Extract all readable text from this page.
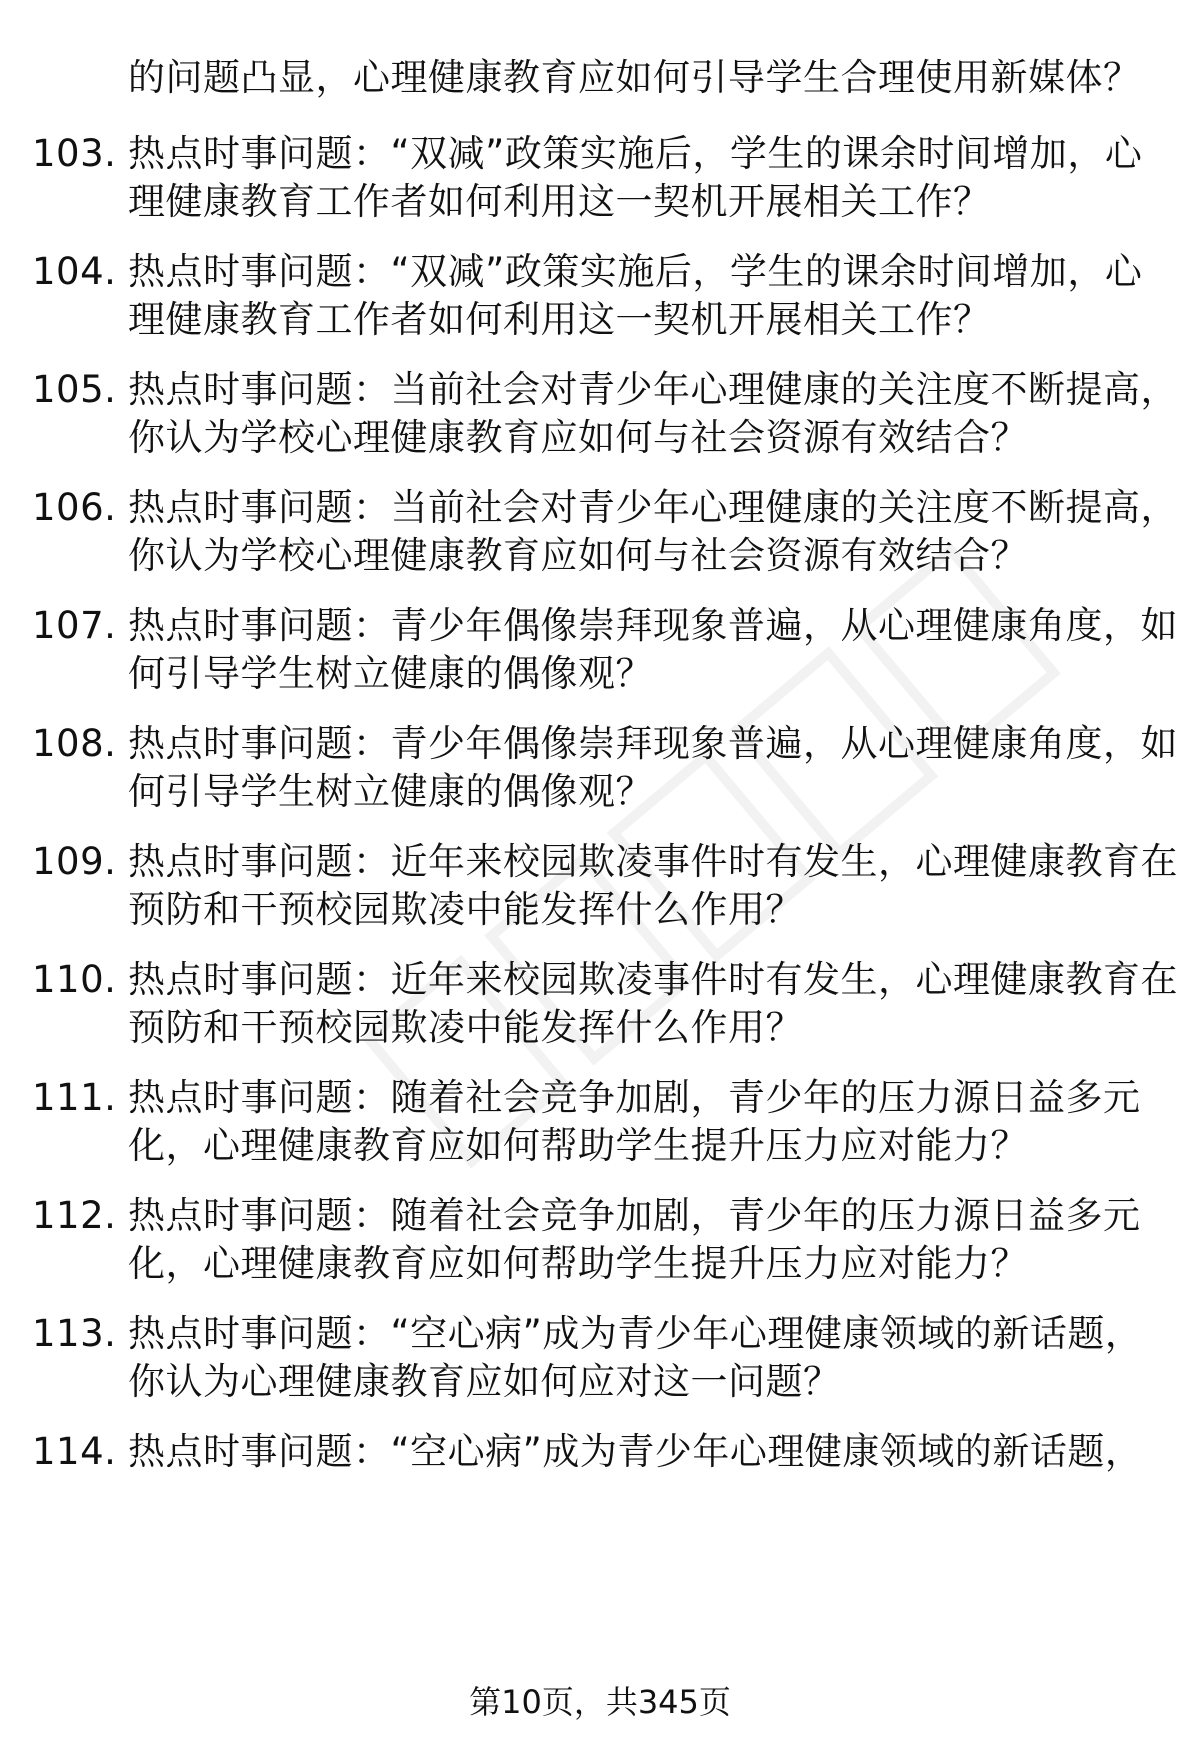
的问题凸显，心理健康教育应如何引导学生合理使用新媒体？
103. 热点时事问题：“双减”政策实施后，学生的课余时间增加，心
理健康教育工作者如何利用这一契机开展相关工作？
104. 热点时事问题：“双减”政策实施后，学生的课余时间增加，心
理健康教育工作者如何利用这一契机开展相关工作？
105. 热点时事问题：当前社会对青少年心理健康的关注度不断提高，
你认为学校心理健康教育应如何与社会资源有效结合？
106. 热点时事问题：当前社会对青少年心理健康的关注度不断提高，
你认为学校心理健康教育应如何与社会资源有效结合？
107. 热点时事问题：青少年偶像崇拜现象普遍，从心理健康角度，如
何引导学生树立健康的偶像观？
108. 热点时事问题：青少年偶像崇拜现象普遍，从心理健康角度，如
何引导学生树立健康的偶像观？
109. 热点时事问题：近年来校园欺凌事件时有发生，心理健康教育在
预防和干预校园欺凌中能发挥什么作用？
110. 热点时事问题：近年来校园欺凌事件时有发生，心理健康教育在
预防和干预校园欺凌中能发挥什么作用？
111. 热点时事问题：随着社会竞争加剧，青少年的压力源日益多元
化，心理健康教育应如何帮助学生提升压力应对能力？
112. 热点时事问题：随着社会竞争加剧，青少年的压力源日益多元
化，心理健康教育应如何帮助学生提升压力应对能力？
113. 热点时事问题：“空心病”成为青少年心理健康领域的新话题，
你认为心理健康教育应如何应对这一问题？
114. 热点时事问题：“空心病”成为青少年心理健康领域的新话题，
第10页，共345页
